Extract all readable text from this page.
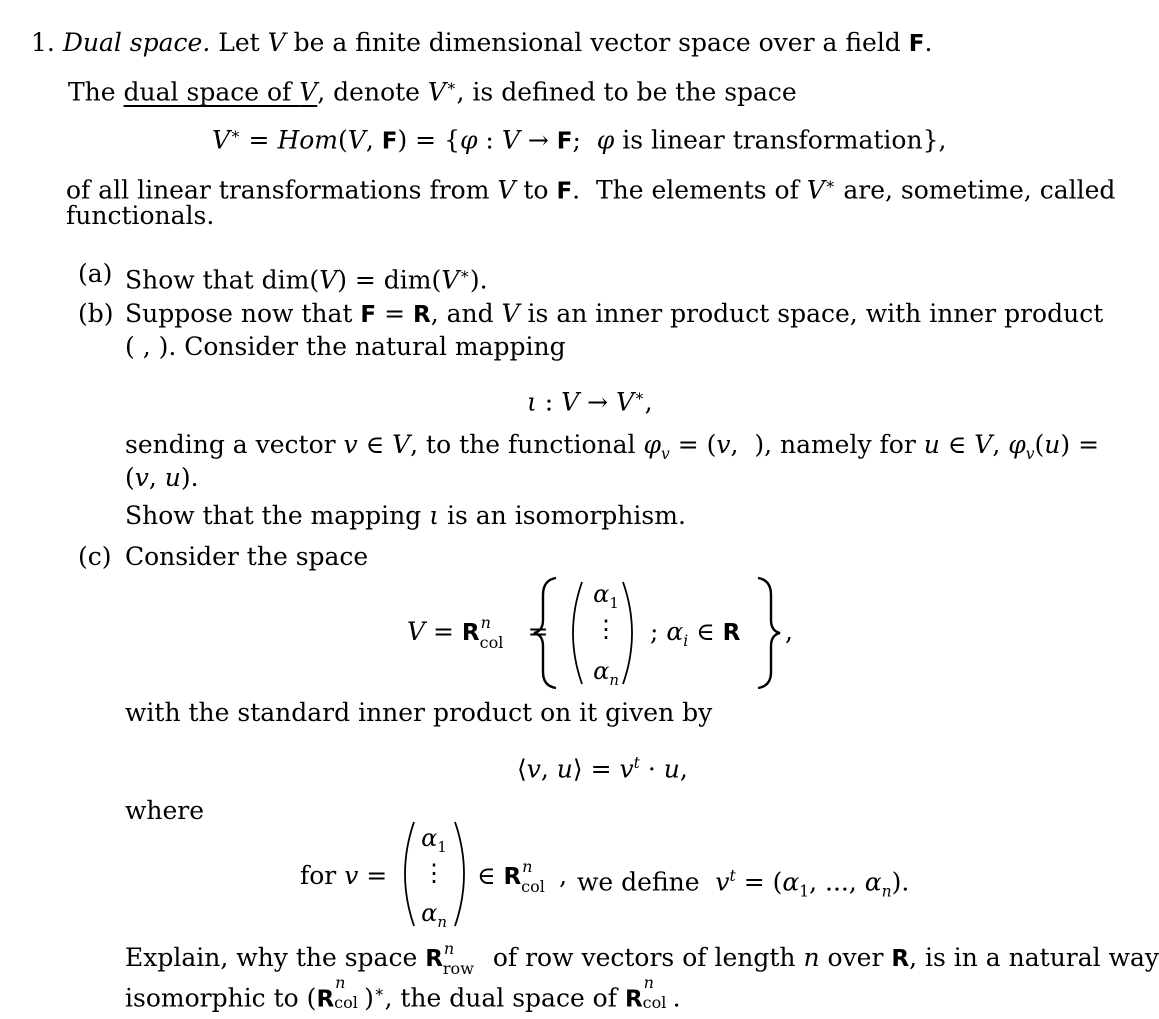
1. Dual space. Let V be a finite dimensional vector space over a field F.
The dual space of V, denote V∗, is defined to be the space
V∗ = Hom(V, F) = {φ : V → F;  φ is linear transformation},
of all linear transformations from V to F.  The elements of V∗ are, sometime, called
functionals.
(a) Show that dim(V) = dim(V∗).
(b) Suppose now that F = R, and V is an inner product space, with inner product
( , ). Consider the natural mapping
ι : V → V∗,
sending a vector v ∈ V, to the functional $\varphi_v = (v$,  ), namely for u ∈ V, $\varphi_v(u)$ =
(v, u).
Show that the mapping ι is an isomorphism.
(c) Consider the space
V = R n
col =
$\alpha_1$
⋮
$\alpha_n$
; $\alpha_i$ ∈ R ,
with the standard inner product on it given by
⟨v, u⟩ = $v^t \cdot u$,
where
for v =
$\alpha_1$
⋮
$\alpha_n$
∈ R n
col , we define  $v^t = (\alpha_1$, ..., $\alpha_n$).
Explain, why the space R n
row of row vectors of length n over R, is in a natural way
isomorphic to (R
n
col )∗, the dual space of R
n
col .
